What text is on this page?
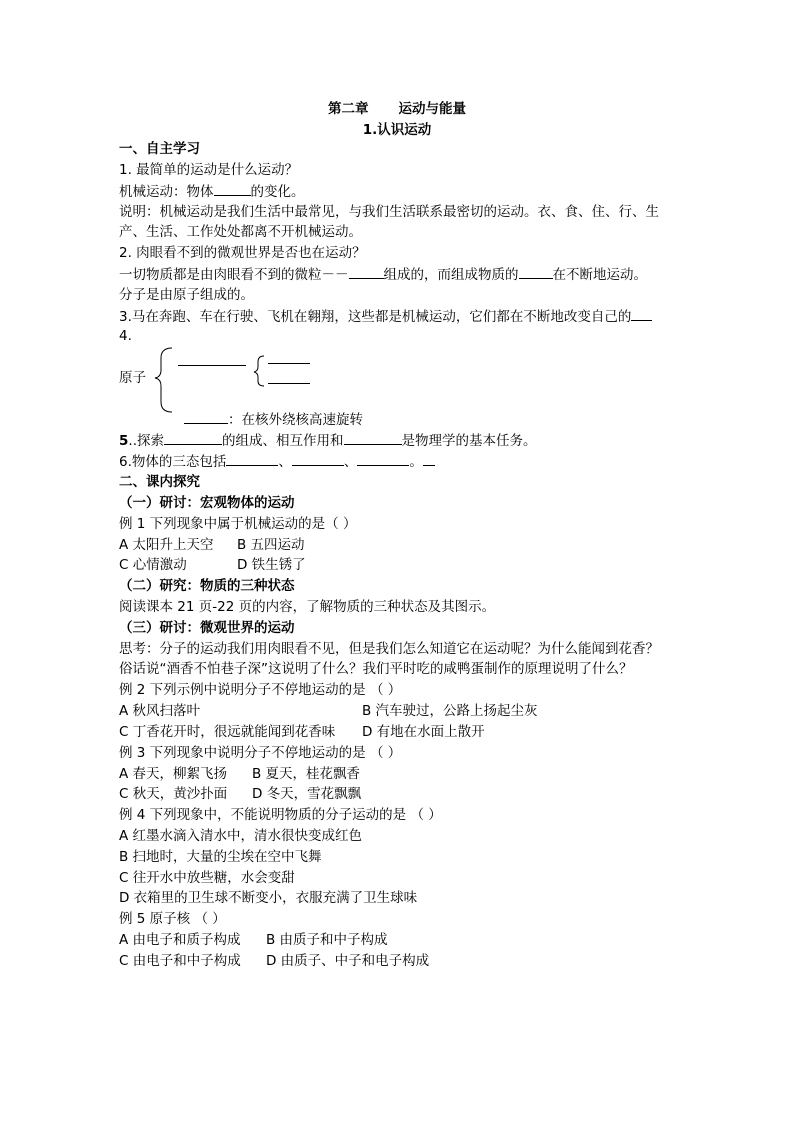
第二章 运动与能量
1.认识运动
一、自主学习
1. 最简单的运动是什么运动？
机械运动：物体	的变化。
说明：机械运动是我们生活中最常见，与我们生活联系最密切的运动。衣、食、住、行、生
产、生活、工作处处都离不开机械运动。
2. 肉眼看不到的微观世界是否也在运动？
一切物质都是由肉眼看不到的微粒－－	组成的，而组成物质的	在不断地运动。
分子是由原子组成的。
3.马在奔跑、车在行驶、飞机在翱翔，这些都是机械运动，它们都在不断地改变自己的
4.
原子
：在核外绕核高速旋转
5..探索	的组成、相互作用和	是物理学的基本任务。
6.物体的三态包括	、	、	。
二、课内探究
（一）研讨：宏观物体的运动
例 1 下列现象中属于机械运动的是（ ）
A 太阳升上天空 B 五四运动
C 心情激动	D 铁生锈了
（二）研究：物质的三种状态
阅读课本 21 页-22 页的内容，了解物质的三种状态及其图示。
（三）研讨：微观世界的运动
思考：分子的运动我们用肉眼看不见，但是我们怎么知道它在运动呢？为什么能闻到花香？
俗话说“酒香不怕巷子深”这说明了什么？我们平时吃的咸鸭蛋制作的原理说明了什么？
例 2 下列示例中说明分子不停地运动的是 （ ）
A 秋风扫落叶	B 汽车驶过，公路上扬起尘灰
C 丁香花开时，很远就能闻到花香味 D 有地在水面上散开
例 3 下列现象中说明分子不停地运动的是 （ ）
A 春天，柳絮飞扬 B 夏天，桂花飘香
C 秋天，黄沙扑面 D 冬天，雪花飘飘
例 4 下列现象中，不能说明物质的分子运动的是 （ ）
A 红墨水滴入清水中，清水很快变成红色
B 扫地时，大量的尘埃在空中飞舞
C 往开水中放些糖，水会变甜
D 衣箱里的卫生球不断变小，衣服充满了卫生球味
例 5 原子核 （ ）
A 由电子和质子构成 B 由质子和中子构成
C 由电子和中子构成 D 由质子、中子和电子构成
